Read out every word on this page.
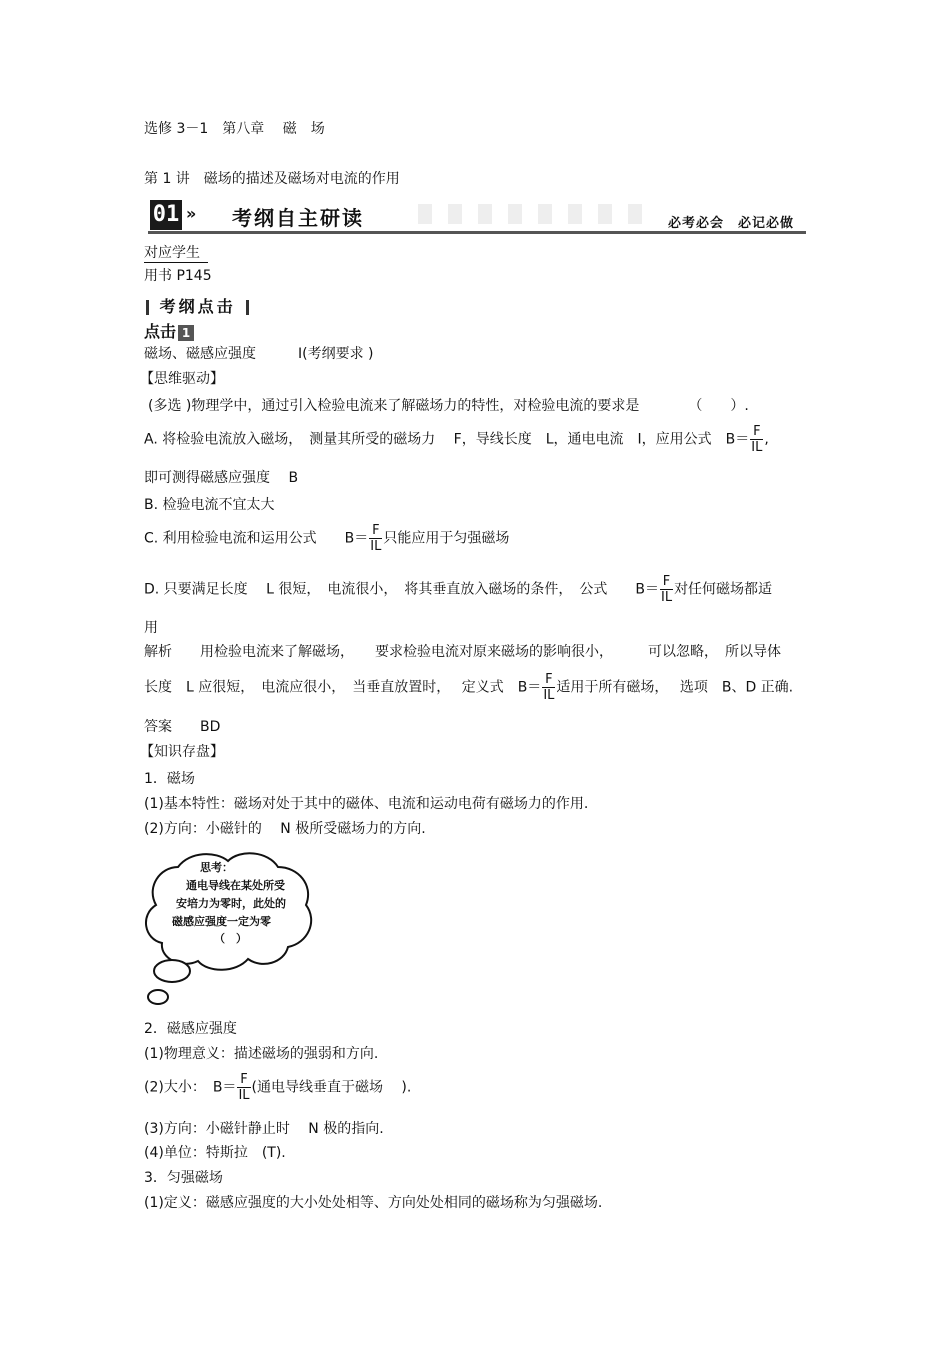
选修 3－1　第八章　 磁　场
第 1 讲　磁场的描述及磁场对电流的作用
01 » 考纲自主研读	必考必会　必记必做
对应学生
用书 P145
考纲点击
点击 1
磁场、磁感应强度　　　Ⅰ(考纲要求 )
【思维驱动】
(多选 )物理学中，通过引入检验电流来了解磁场力的特性，对检验电流的要求是　　　　（　　）.
A. 将检验电流放入磁场，　测量其所受的磁场力　 F，导线长度　L，通电电流　I，应用公式　$B= \frac{F}{IL}$ ,
即可测得磁感应强度　 B
B. 检验电流不宜太大
C. 利用检验电流和运用公式　　$B= \frac{F}{IL}$ 只能应用于匀强磁场
D. 只要满足长度　 L 很短，　电流很小，　将其垂直放入磁场的条件，　公式　　$B= \frac{F}{IL}$ 对任何磁场都适
用
解析　　用检验电流来了解磁场，　　要求检验电流对原来磁场的影响很小，　　　可以忽略，　所以导体
长度　L 应很短，　电流应很小，　当垂直放置时，　 定义式　$B= \frac{F}{IL}$ 适用于所有磁场，　 选项　B、D 正确.
答案　　BD
【知识存盘】
1．磁场
(1)基本特性：磁场对处于其中的磁体、电流和运动电荷有磁场力的作用.
(2)方向：小磁针的　 N 极所受磁场力的方向.
思考：
通电导线在某处所受
安培力为零时，此处的
磁感应强度一定为零
（　）
2．磁感应强度
(1)物理意义：描述磁场的强弱和方向.
(2)大小：　$B= \frac{F}{IL}$ (通电导线垂直于磁场　 ).
(3)方向：小磁针静止时　 N 极的指向.
(4)单位：特斯拉　(T).
3．匀强磁场
(1)定义：磁感应强度的大小处处相等、方向处处相同的磁场称为匀强磁场.
